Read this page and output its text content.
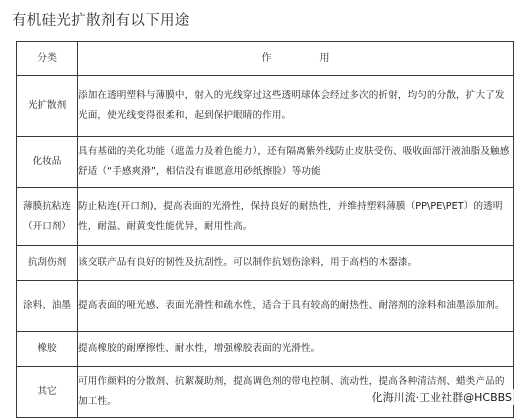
有机硅光扩散剂有以下用途
分类	作 用
光扩散剂	添加在透明塑料与薄膜中，射入的光线穿过这些透明球体会经过多次的折射，均匀的分散，扩大了发光面，使光线变得很柔和，起到保护眼睛的作用。
化妆品	具有基础的美化功能（遮盖力及着色能力），还有隔离紫外线防止皮肤受伤、吸收面部汗液油脂及触感舒适（“手感爽滑”，相信没有谁愿意用砂纸擦脸）等功能
薄膜抗粘连（开口剂）	防止粘连(开口剂)，提高表面的光滑性，保持良好的耐热性，并维持塑料薄膜（PP\PE\PET）的透明性，耐温、耐黄变性能优异，耐用性高。
抗刮伤剂	该交联产品有良好的韧性及抗刮性。可以制作抗划伤涂料，用于高档的木器漆。
涂料、油墨	提高表面的哑光感、表面光滑性和疏水性，适合于具有较高的耐热性、耐溶剂的涂料和油墨添加剂。
橡胶	提高橡胶的耐摩擦性、耐水性，增强橡胶表面的光滑性。
其它	可用作颜料的分散剂、抗絮凝助剂，提高调色剂的带电控制、流动性，提高各种清洁剂、蜡类产品的加工性。	化海川流·工业社群@HCBBS
